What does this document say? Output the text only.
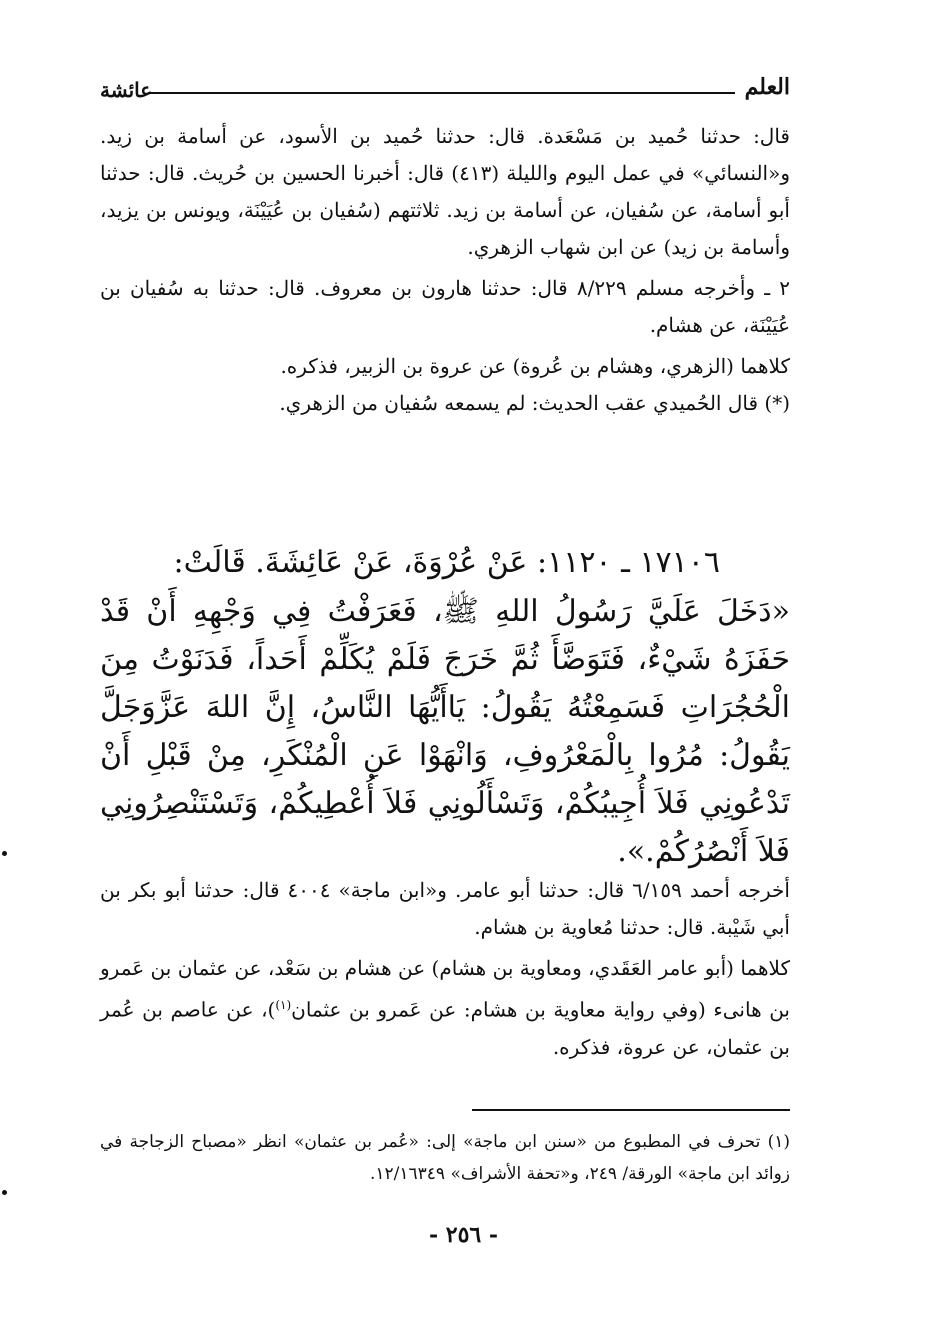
العلم
عائشة

قال: حدثنا حُميد بن مَسْعَدة. قال: حدثنا حُميد بن الأسود، عن أسامة بن زيد. و«النسائي» في عمل اليوم والليلة (٤١٣) قال: أخبرنا الحسين بن حُريث. قال: حدثنا أبو أسامة، عن سُفيان، عن أسامة بن زيد. ثلاثتهم (سُفيان بن عُيَيْنَة، ويونس بن يزيد، وأسامة بن زيد) عن ابن شهاب الزهري.

٢ ـ وأخرجه مسلم ٨/٢٢٩ قال: حدثنا هارون بن معروف. قال: حدثنا به سُفيان بن عُيَيْنَة، عن هشام.

كلاهما (الزهري، وهشام بن عُروة) عن عروة بن الزبير، فذكره.

(*) قال الحُميدي عقب الحديث: لم يسمعه سُفيان من الزهري.

١٧١٠٦ ـ ١١٢٠: عَنْ عُرْوَةَ، عَنْ عَائِشَةَ. قَالَتْ:

«دَخَلَ عَلَيَّ رَسُولُ اللهِ ﷺ، فَعَرَفْتُ فِي وَجْهِهِ أَنْ قَدْ حَفَزَهُ شَيْءٌ، فَتَوَضَّأَ ثُمَّ خَرَجَ فَلَمْ يُكَلِّمْ أَحَداً، فَدَنَوْتُ مِنَ الْحُجُرَاتِ فَسَمِعْتُهُ يَقُولُ: يَاأَيُّهَا النَّاسُ، إِنَّ اللهَ عَزَّوَجَلَّ يَقُولُ: مُرُوا بِالْمَعْرُوفِ، وَانْهَوْا عَنِ الْمُنْكَرِ، مِنْ قَبْلِ أَنْ تَدْعُونِي فَلاَ أُجِيبُكُمْ، وَتَسْأَلُونِي فَلاَ أُعْطِيكُمْ، وَتَسْتَنْصِرُونِي فَلاَ أَنْصُرُكُمْ.».

أخرجه أحمد ٦/١٥٩ قال: حدثنا أبو عامر. و«ابن ماجة» ٤٠٠٤ قال: حدثنا أبو بكر بن أبي شَيْبة. قال: حدثنا مُعاوية بن هشام.

كلاهما (أبو عامر العَقَدي، ومعاوية بن هشام) عن هشام بن سَعْد، عن عثمان بن عَمرو بن هانىء (وفي رواية معاوية بن هشام: عن عَمرو بن عثمان$^{(١)}$)، عن عاصم بن عُمر بن عثمان، عن عروة، فذكره.

(١) تحرف في المطبوع من «سنن ابن ماجة» إلى: «عُمر بن عثمان» انظر «مصباح الزجاجة في زوائد ابن ماجة» الورقة/ ٢٤٩، و«تحفة الأشراف» ١٢/١٦٣٤٩.

- ٢٥٦ -
